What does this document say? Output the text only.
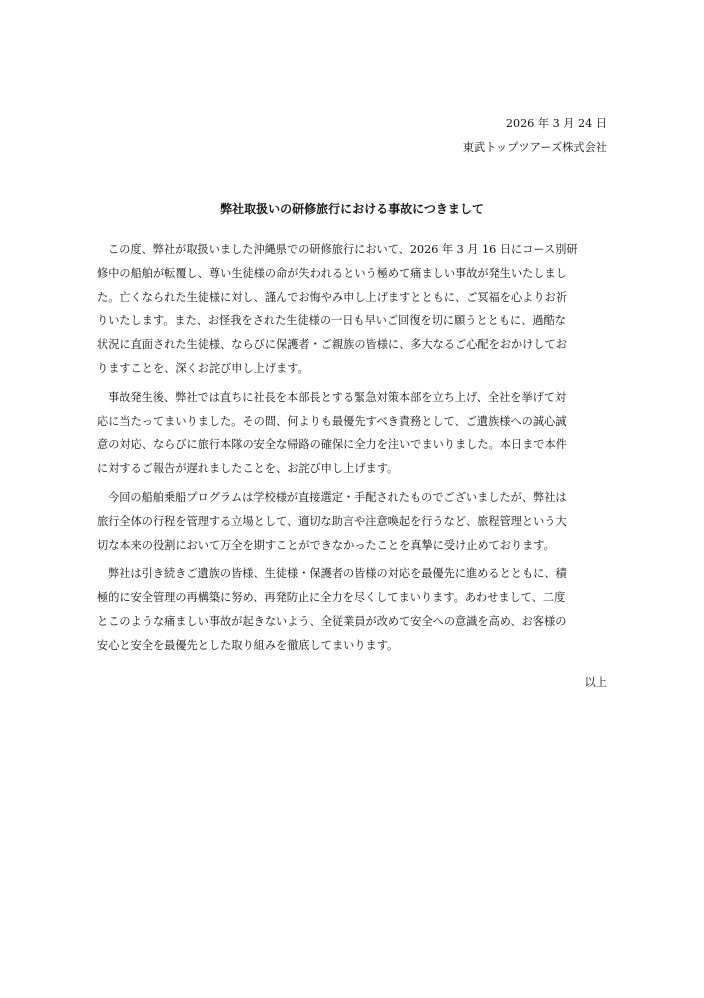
2026 年 3 月 24 日
東武トップツアーズ株式会社
弊社取扱いの研修旅行における事故につきまして
この度、弊社が取扱いました沖縄県での研修旅行において、2026 年 3 月 16 日にコース別研
修中の船舶が転覆し、尊い生徒様の命が失われるという極めて痛ましい事故が発生いたしまし
た。亡くなられた生徒様に対し、謹んでお悔やみ申し上げますとともに、ご冥福を心よりお祈
りいたします。また、お怪我をされた生徒様の一日も早いご回復を切に願うとともに、過酷な
状況に直面された生徒様、ならびに保護者・ご親族の皆様に、多大なるご心配をおかけしてお
りますことを、深くお詫び申し上げます。
事故発生後、弊社では直ちに社長を本部長とする緊急対策本部を立ち上げ、全社を挙げて対
応に当たってまいりました。その間、何よりも最優先すべき責務として、ご遺族様への誠心誠
意の対応、ならびに旅行本隊の安全な帰路の確保に全力を注いでまいりました。本日まで本件
に対するご報告が遅れましたことを、お詫び申し上げます。
今回の船舶乗船プログラムは学校様が直接選定・手配されたものでございましたが、弊社は
旅行全体の行程を管理する立場として、適切な助言や注意喚起を行うなど、旅程管理という大
切な本来の役割において万全を期すことができなかったことを真摯に受け止めております。
弊社は引き続きご遺族の皆様、生徒様・保護者の皆様の対応を最優先に進めるとともに、積
極的に安全管理の再構築に努め、再発防止に全力を尽くしてまいります。あわせまして、二度
とこのような痛ましい事故が起きないよう、全従業員が改めて安全への意識を高め、お客様の
安心と安全を最優先とした取り組みを徹底してまいります。
以上
